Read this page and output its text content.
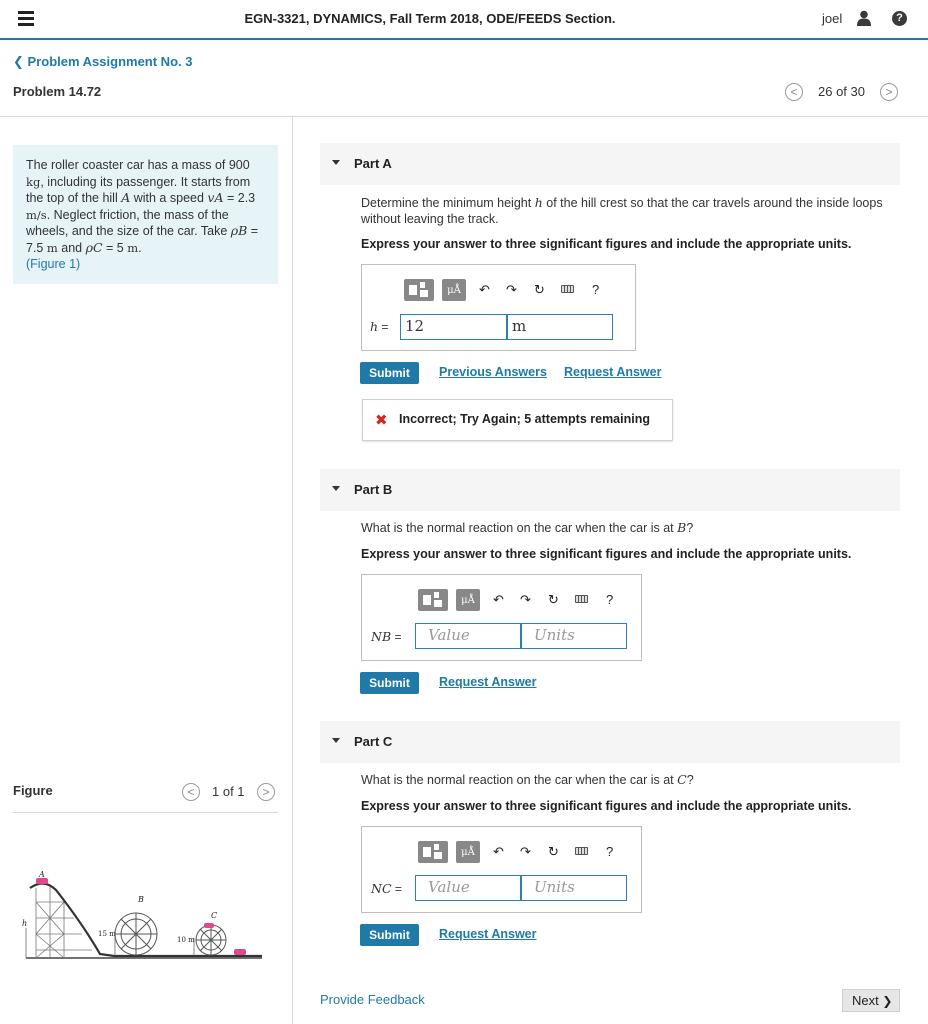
EGN-3321, DYNAMICS, Fall Term 2018, ODE/FEEDS Section.	joel	?
❮ Problem Assignment No. 3
Problem 14.72	<	26 of 30	>
The roller coaster car has a mass of 900 kg, including its passenger. It starts from the top of the hill A with a speed vA = 2.3 m/s. Neglect friction, the mass of the wheels, and the size of the car. Take ρB = 7.5 m and ρC = 5 m.
(Figure 1)
Figure	<	1 of 1	>
A
B
C
h
15 m
10 m
Part A
Determine the minimum height h of the hill crest so that the car travels around the inside loops without leaving the track.
Express your answer to three significant figures and include the appropriate units.
μÅ	↶ ↷ ↻	?
h =	12	m
Submit	Previous Answers Request Answer
✖ Incorrect; Try Again; 5 attempts remaining
Part B
What is the normal reaction on the car when the car is at B?
Express your answer to three significant figures and include the appropriate units.
μÅ	↶ ↷ ↻	?
NB =	Value	Units
Submit	Request Answer
Part C
What is the normal reaction on the car when the car is at C?
Express your answer to three significant figures and include the appropriate units.
μÅ	↶ ↷ ↻	?
NC =	Value	Units
Submit	Request Answer
Provide Feedback	Next ❯
